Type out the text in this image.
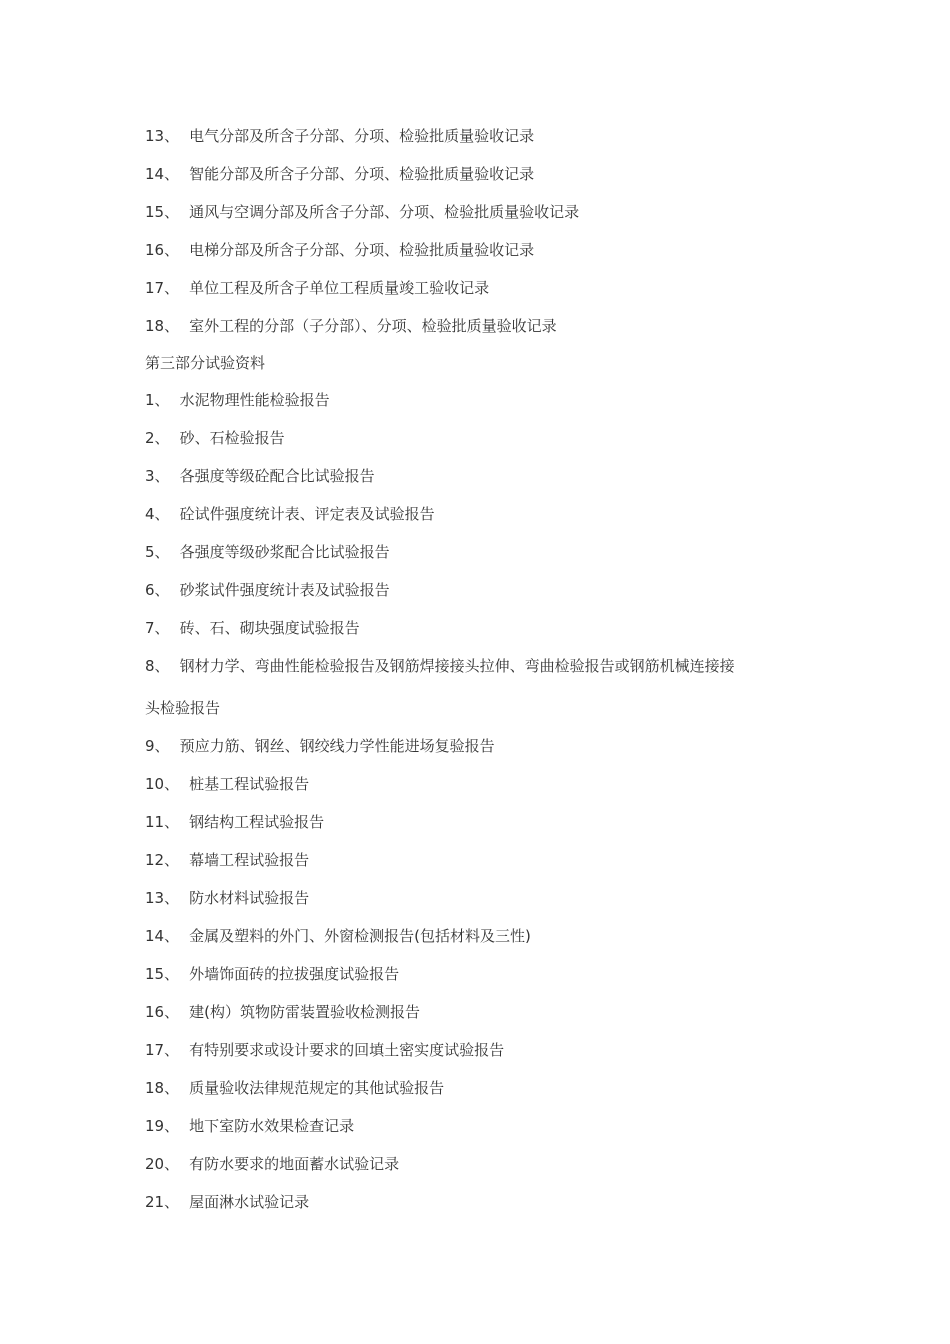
13、 电气分部及所含子分部、分项、检验批质量验收记录
14、 智能分部及所含子分部、分项、检验批质量验收记录
15、 通风与空调分部及所含子分部、分项、检验批质量验收记录
16、 电梯分部及所含子分部、分项、检验批质量验收记录
17、 单位工程及所含子单位工程质量竣工验收记录
18、 室外工程的分部（子分部）、分项、检验批质量验收记录
第三部分试验资料
1、 水泥物理性能检验报告
2、 砂、石检验报告
3、 各强度等级砼配合比试验报告
4、 砼试件强度统计表、评定表及试验报告
5、 各强度等级砂浆配合比试验报告
6、 砂浆试件强度统计表及试验报告
7、 砖、石、砌块强度试验报告
8、 钢材力学、弯曲性能检验报告及钢筋焊接接头拉伸、弯曲检验报告或钢筋机械连接接
头检验报告
9、 预应力筋、钢丝、钢绞线力学性能进场复验报告
10、 桩基工程试验报告
11、 钢结构工程试验报告
12、 幕墙工程试验报告
13、 防水材料试验报告
14、 金属及塑料的外门、外窗检测报告(包括材料及三性)
15、 外墙饰面砖的拉拔强度试验报告
16、 建(构）筑物防雷装置验收检测报告
17、 有特别要求或设计要求的回填土密实度试验报告
18、 质量验收法律规范规定的其他试验报告
19、 地下室防水效果检查记录
20、 有防水要求的地面蓄水试验记录
21、 屋面淋水试验记录
